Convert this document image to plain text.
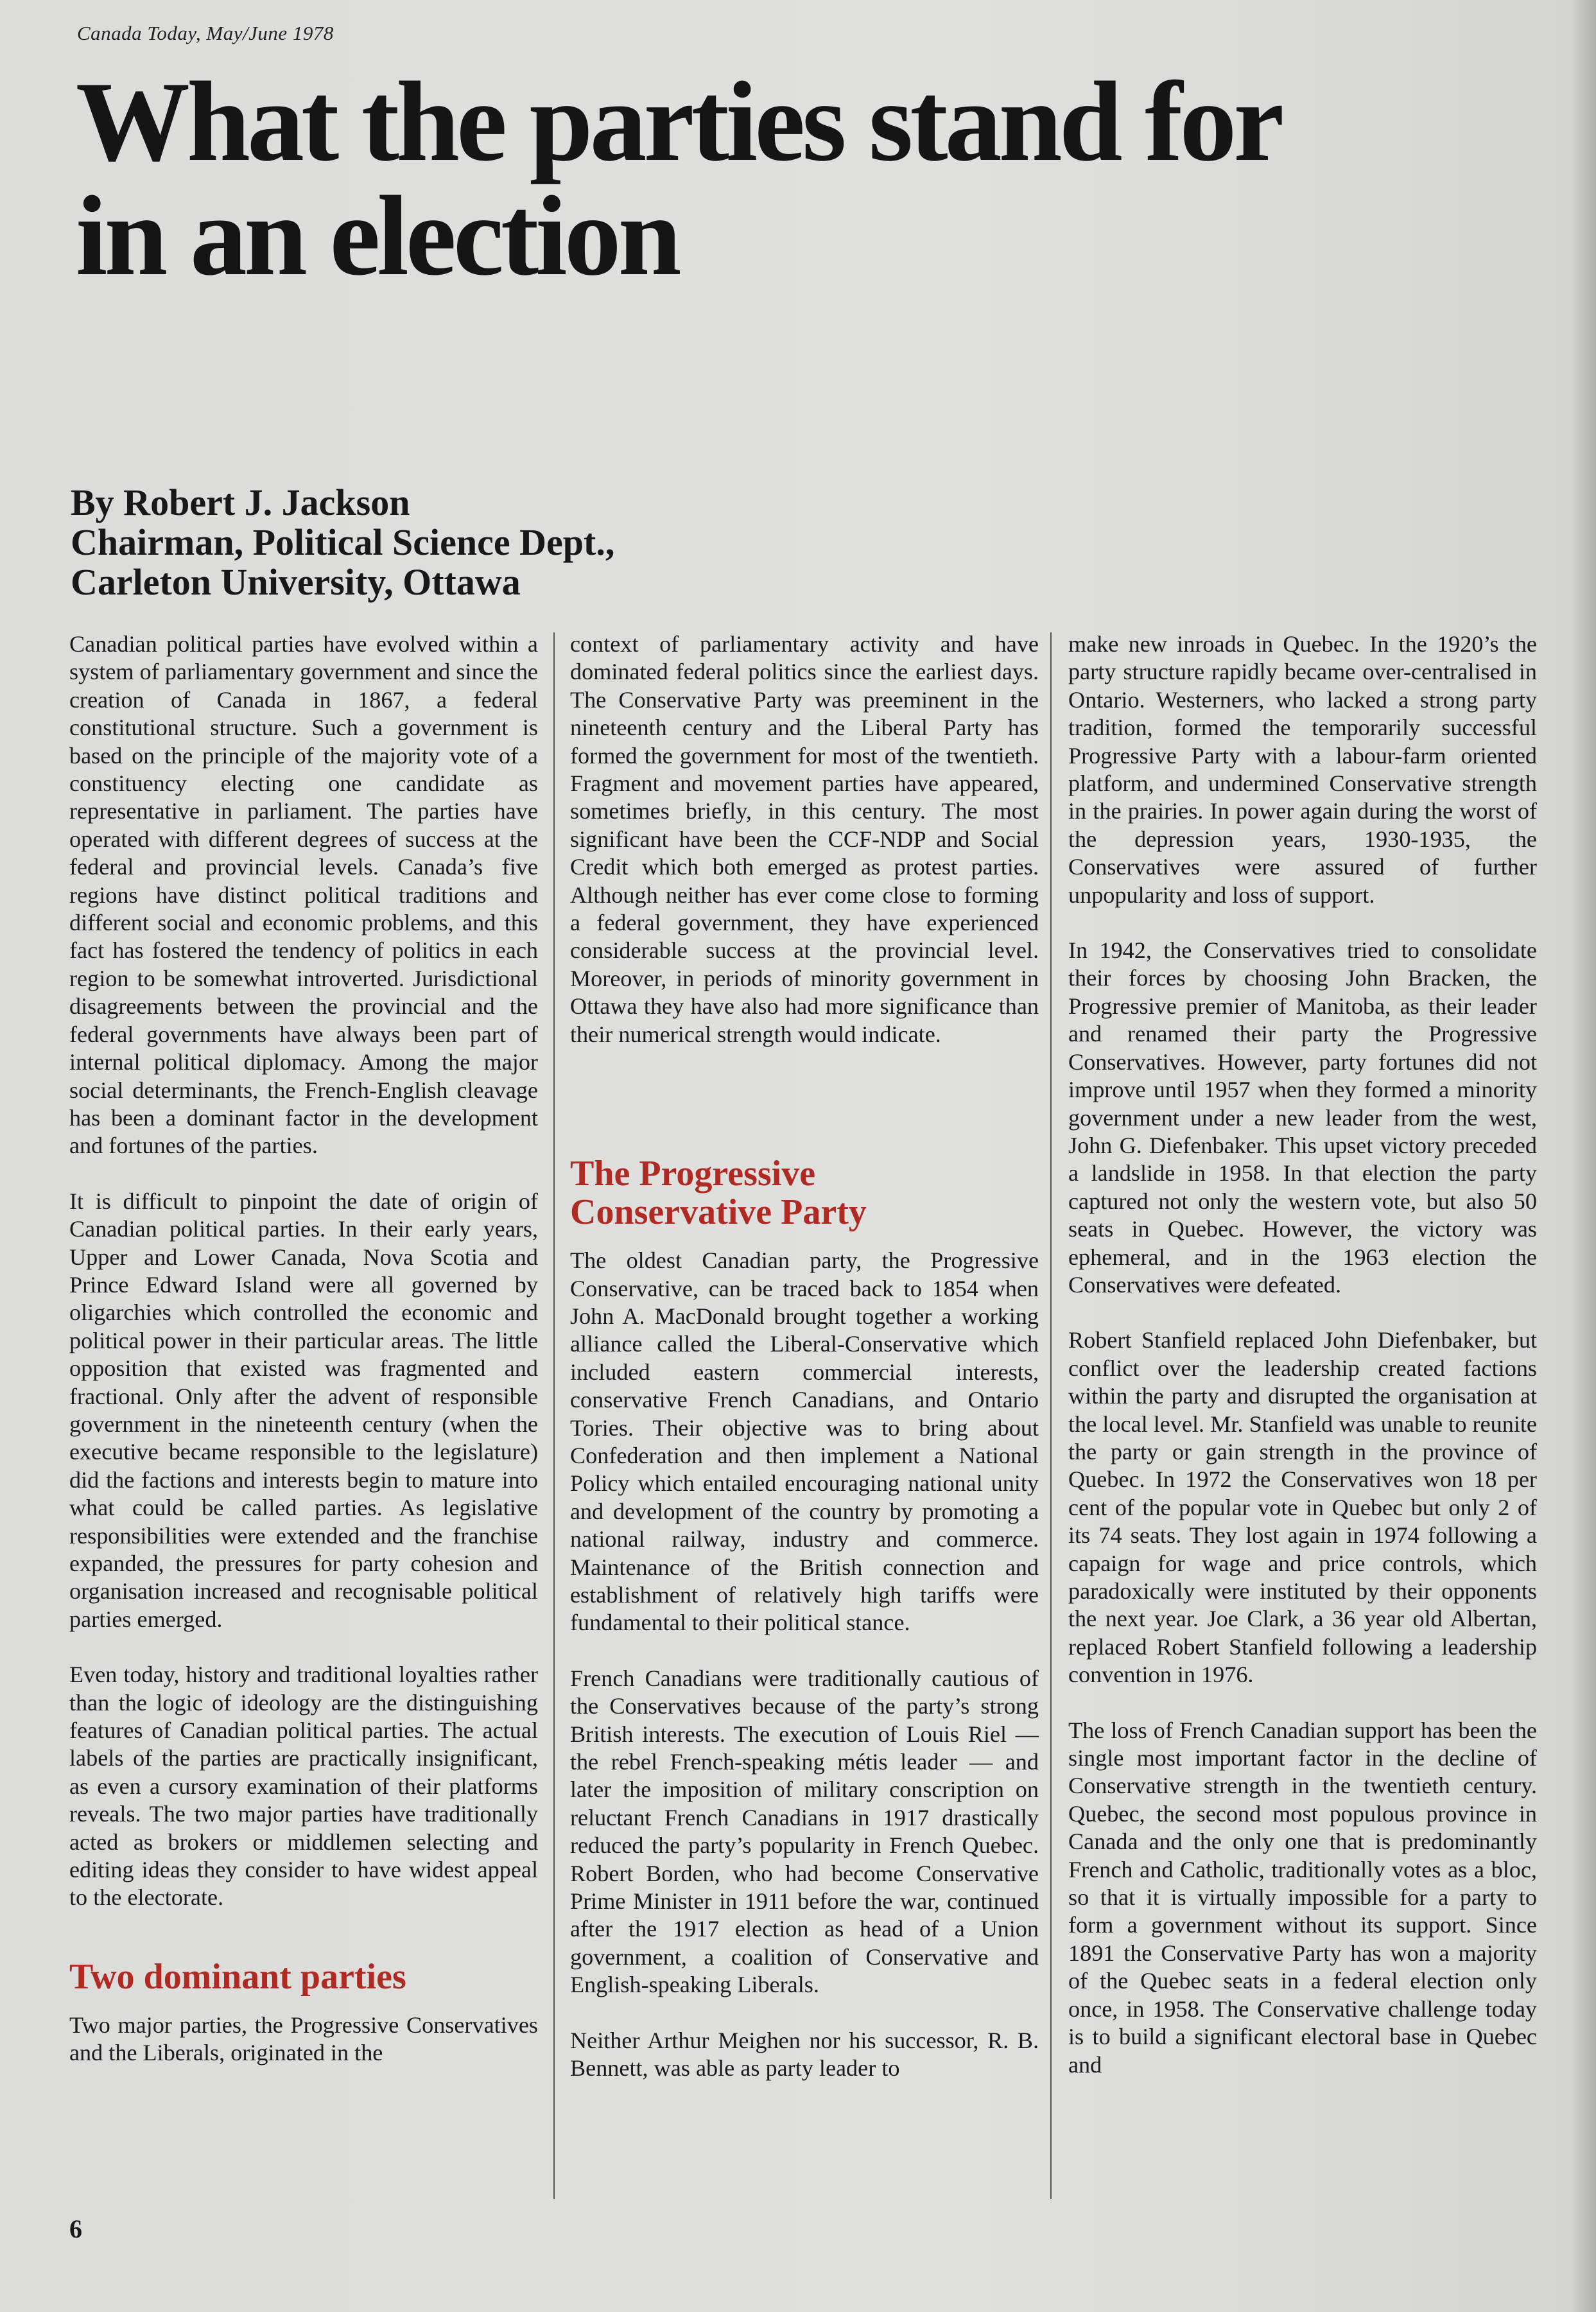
Canada Today, May/June 1978
What the parties stand for
in an election
By Robert J. Jackson
Chairman, Political Science Dept.,
Carleton University, Ottawa

Canadian political parties have evolved within a system of parliamentary government and since the creation of Canada in 1867, a federal constitutional structure. Such a government is based on the principle of the majority vote of a constituency electing one candidate as representative in parliament. The parties have operated with different degrees of success at the federal and provincial levels. Canada’s five regions have distinct political traditions and different social and economic problems, and this fact has fostered the tendency of politics in each region to be somewhat introverted. Jurisdictional disagreements between the provincial and the federal governments have always been part of internal political diplomacy. Among the major social determinants, the French-English cleavage has been a dominant factor in the development and fortunes of the parties.

It is difficult to pinpoint the date of origin of Canadian political parties. In their early years, Upper and Lower Canada, Nova Scotia and Prince Edward Island were all governed by oligarchies which controlled the economic and political power in their particular areas. The little opposition that existed was fragmented and fractional. Only after the advent of responsible government in the nineteenth century (when the executive became responsible to the legislature) did the factions and interests begin to mature into what could be called parties. As legislative responsibilities were extended and the franchise expanded, the pressures for party cohesion and organisation increased and recognisable political parties emerged.

Even today, history and traditional loyalties rather than the logic of ideology are the distinguishing features of Canadian political parties. The actual labels of the parties are practically insignificant, as even a cursory examination of their platforms reveals. The two major parties have traditionally acted as brokers or middlemen selecting and editing ideas they consider to have widest appeal to the electorate.

Two dominant parties

Two major parties, the Progressive Conservatives and the Liberals, originated in the

context of parliamentary activity and have dominated federal politics since the earliest days. The Conservative Party was preeminent in the nineteenth century and the Liberal Party has formed the government for most of the twentieth. Fragment and movement parties have appeared, sometimes briefly, in this century. The most significant have been the CCF-NDP and Social Credit which both emerged as protest parties. Although neither has ever come close to forming a federal government, they have experienced considerable success at the provincial level. Moreover, in periods of minority government in Ottawa they have also had more significance than their numerical strength would indicate.

The Progressive
Conservative Party

The oldest Canadian party, the Progressive Conservative, can be traced back to 1854 when John A. MacDonald brought together a working alliance called the Liberal-Conservative which included eastern commercial interests, conservative French Canadians, and Ontario Tories. Their objective was to bring about Confederation and then implement a National Policy which entailed encouraging national unity and development of the country by promoting a national railway, industry and commerce. Maintenance of the British connection and establishment of relatively high tariffs were fundamental to their political stance.

French Canadians were traditionally cautious of the Conservatives because of the party’s strong British interests. The execution of Louis Riel — the rebel French-speaking métis leader — and later the imposition of military conscription on reluctant French Canadians in 1917 drastically reduced the party’s popularity in French Quebec. Robert Borden, who had become Conservative Prime Minister in 1911 before the war, continued after the 1917 election as head of a Union government, a coalition of Conservative and English-speaking Liberals.

Neither Arthur Meighen nor his successor, R. B. Bennett, was able as party leader to

make new inroads in Quebec. In the 1920’s the party structure rapidly became over-centralised in Ontario. Westerners, who lacked a strong party tradition, formed the temporarily successful Progressive Party with a labour-farm oriented platform, and undermined Conservative strength in the prairies. In power again during the worst of the depression years, 1930-1935, the Conservatives were assured of further unpopularity and loss of support.

In 1942, the Conservatives tried to consolidate their forces by choosing John Bracken, the Progressive premier of Manitoba, as their leader and renamed their party the Progressive Conservatives. However, party fortunes did not improve until 1957 when they formed a minority government under a new leader from the west, John G. Diefenbaker. This upset victory preceded a landslide in 1958. In that election the party captured not only the western vote, but also 50 seats in Quebec. However, the victory was ephemeral, and in the 1963 election the Conservatives were defeated.

Robert Stanfield replaced John Diefenbaker, but conflict over the leadership created factions within the party and disrupted the organisation at the local level. Mr. Stanfield was unable to reunite the party or gain strength in the province of Quebec. In 1972 the Conservatives won 18 per cent of the popular vote in Quebec but only 2 of its 74 seats. They lost again in 1974 following a capaign for wage and price controls, which paradoxically were instituted by their opponents the next year. Joe Clark, a 36 year old Albertan, replaced Robert Stanfield following a leadership convention in 1976.

The loss of French Canadian support has been the single most important factor in the decline of Conservative strength in the twentieth century. Quebec, the second most populous province in Canada and the only one that is predominantly French and Catholic, traditionally votes as a bloc, so that it is virtually impossible for a party to form a government without its support. Since 1891 the Conservative Party has won a majority of the Quebec seats in a federal election only once, in 1958. The Conservative challenge today is to build a significant electoral base in Quebec and

6
